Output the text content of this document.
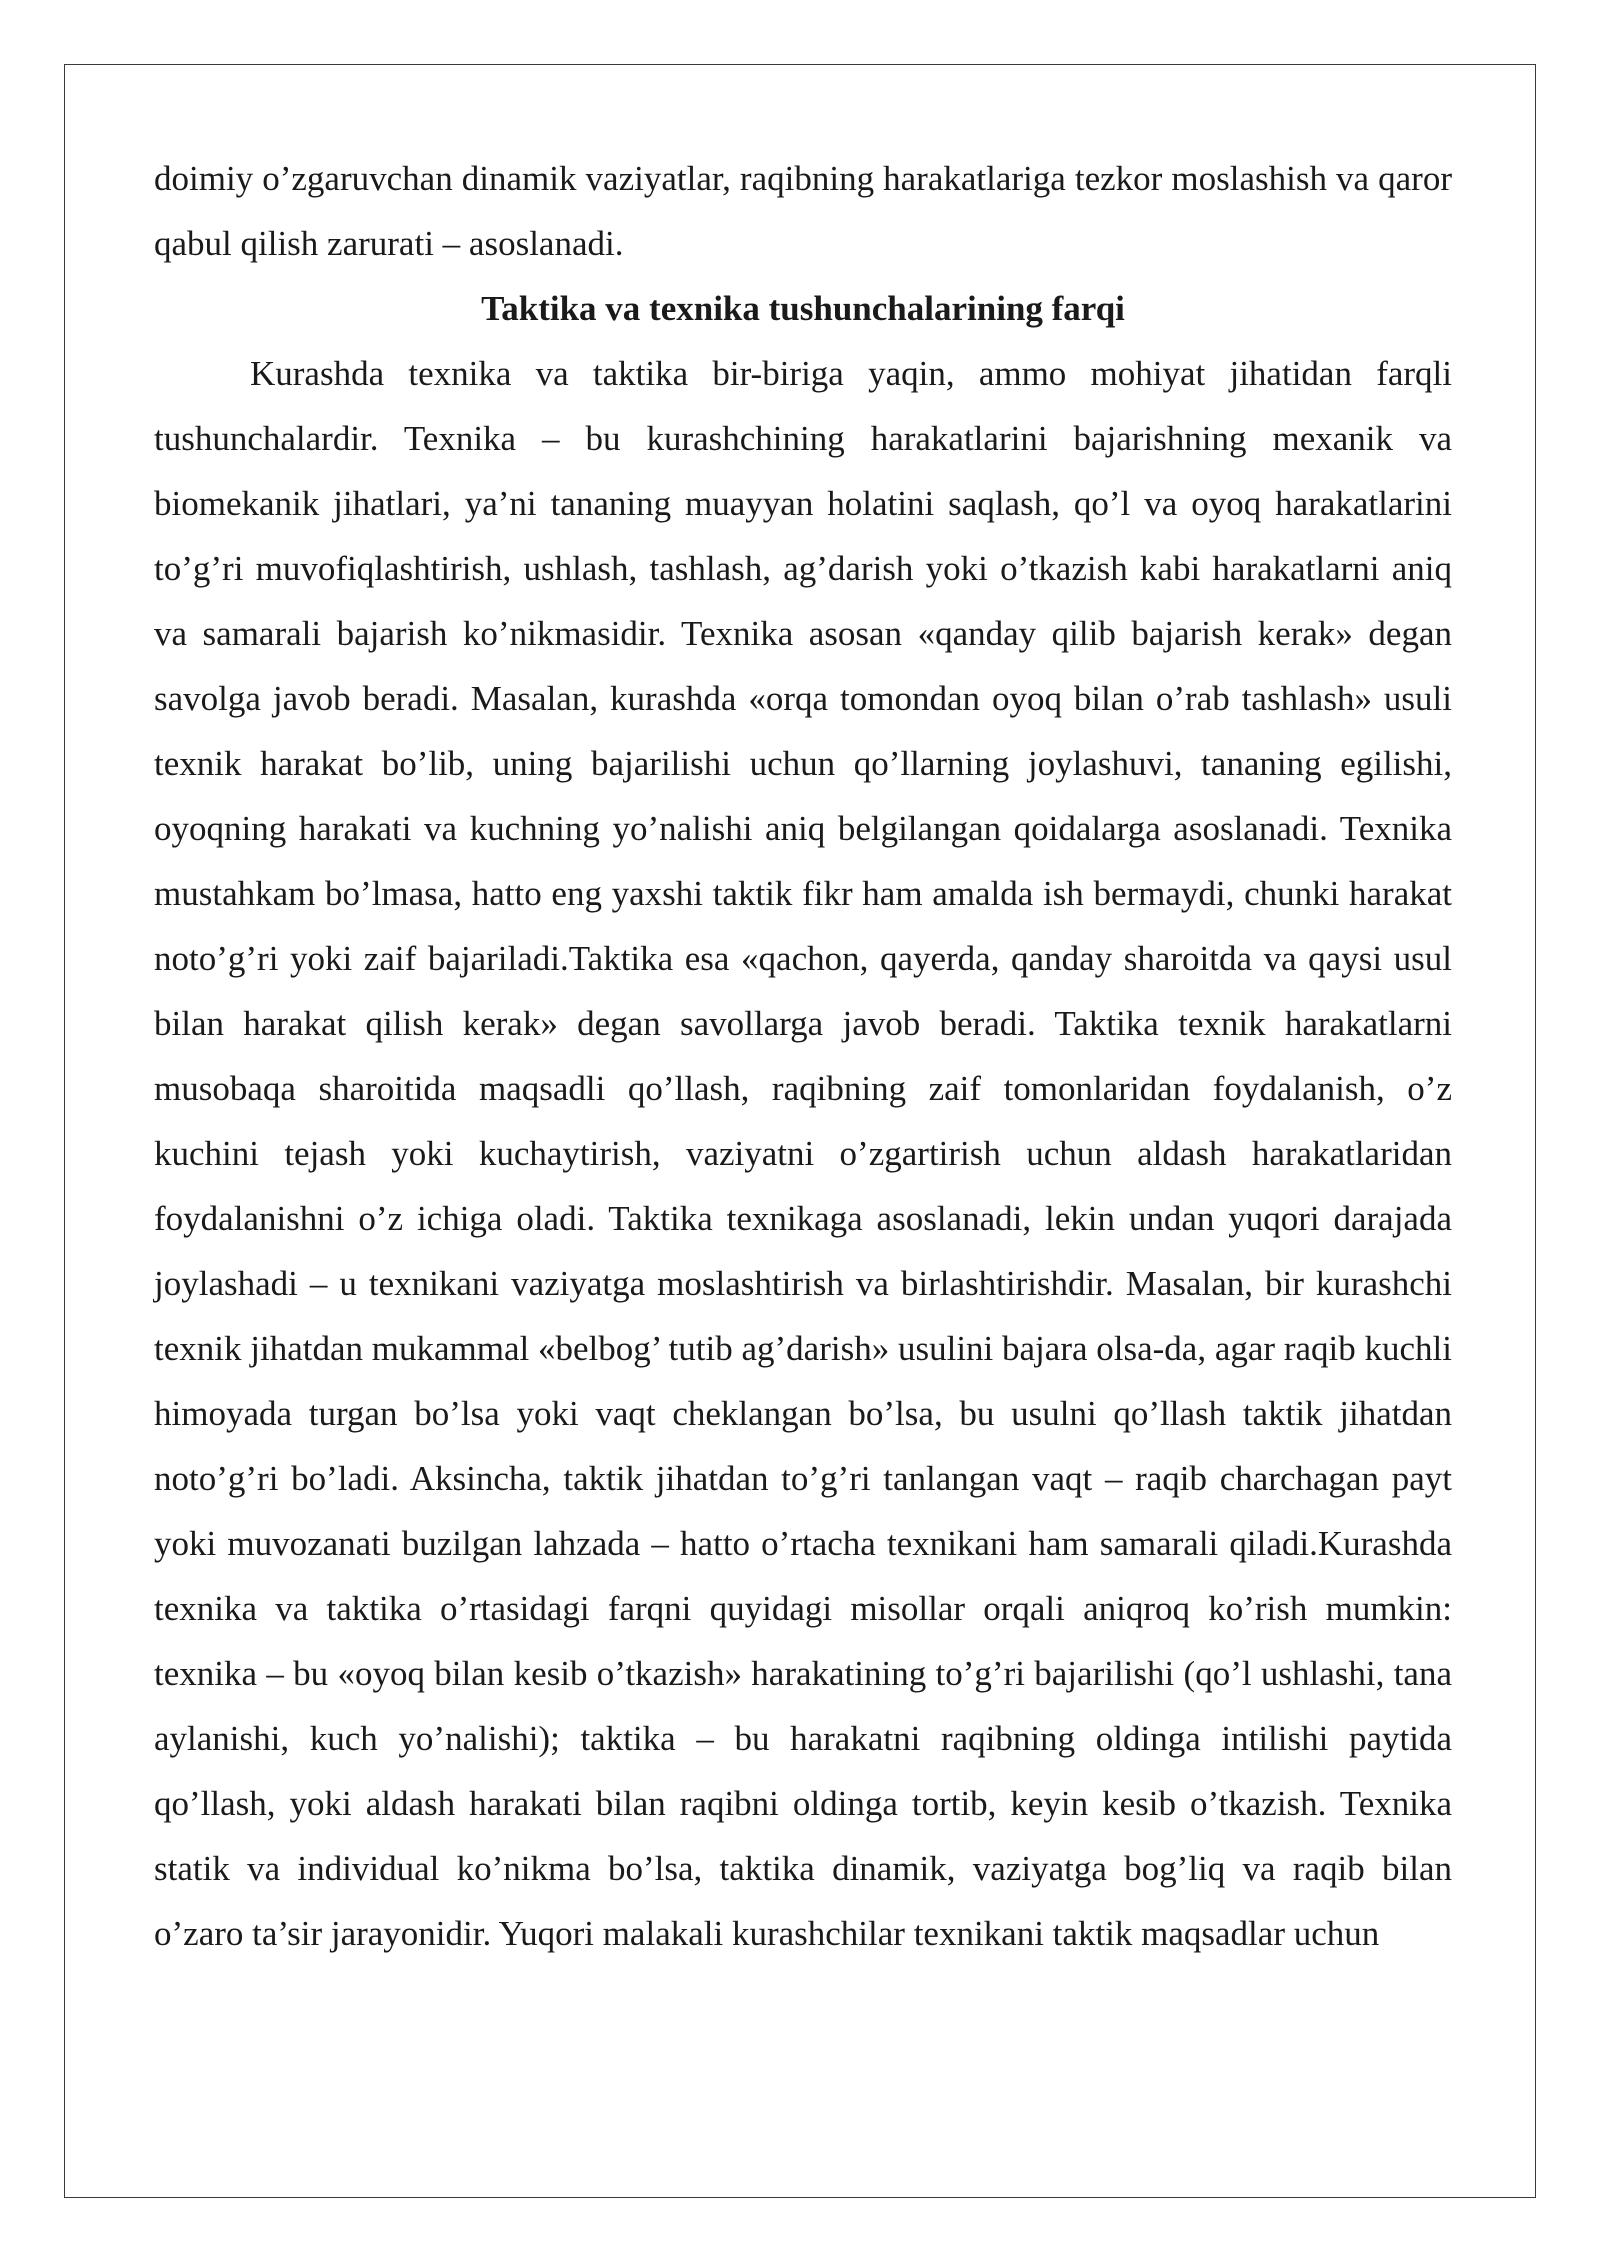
doimiy o’zgaruvchan dinamik vaziyatlar, raqibning harakatlariga tezkor moslashish va qaror qabul qilish zarurati – asoslanadi.

Taktika va texnika tushunchalarining farqi

Kurashda texnika va taktika bir-biriga yaqin, ammo mohiyat jihatidan farqli tushunchalardir. Texnika – bu kurashchining harakatlarini bajarishning mexanik va biomekanik jihatlari, ya’ni tananing muayyan holatini saqlash, qo’l va oyoq harakatlarini to’g’ri muvofiqlashtirish, ushlash, tashlash, ag’darish yoki o’tkazish kabi harakatlarni aniq va samarali bajarish ko’nikmasidir. Texnika asosan «qanday qilib bajarish kerak» degan savolga javob beradi. Masalan, kurashda «orqa tomondan oyoq bilan o’rab tashlash» usuli texnik harakat bo’lib, uning bajarilishi uchun qo’llarning joylashuvi, tananing egilishi, oyoqning harakati va kuchning yo’nalishi aniq belgilangan qoidalarga asoslanadi. Texnika mustahkam bo’lmasa, hatto eng yaxshi taktik fikr ham amalda ish bermaydi, chunki harakat noto’g’ri yoki zaif bajariladi.Taktika esa «qachon, qayerda, qanday sharoitda va qaysi usul bilan harakat qilish kerak» degan savollarga javob beradi. Taktika texnik harakatlarni musobaqa sharoitida maqsadli qo’llash, raqibning zaif tomonlaridan foydalanish, o’z kuchini tejash yoki kuchaytirish, vaziyatni o’zgartirish uchun aldash harakatlaridan foydalanishni o’z ichiga oladi. Taktika texnikaga asoslanadi, lekin undan yuqori darajada joylashadi – u texnikani vaziyatga moslashtirish va birlashtirishdir. Masalan, bir kurashchi texnik jihatdan mukammal «belbog’ tutib ag’darish» usulini bajara olsa-da, agar raqib kuchli himoyada turgan bo’lsa yoki vaqt cheklangan bo’lsa, bu usulni qo’llash taktik jihatdan noto’g’ri bo’ladi. Aksincha, taktik jihatdan to’g’ri tanlangan vaqt – raqib charchagan payt yoki muvozanati buzilgan lahzada – hatto o’rtacha texnikani ham samarali qiladi.Kurashda texnika va taktika o’rtasidagi farqni quyidagi misollar orqali aniqroq ko’rish mumkin: texnika – bu «oyoq bilan kesib o’tkazish» harakatining to’g’ri bajarilishi (qo’l ushlashi, tana aylanishi, kuch yo’nalishi); taktika – bu harakatni raqibning oldinga intilishi paytida qo’llash, yoki aldash harakati bilan raqibni oldinga tortib, keyin kesib o’tkazish. Texnika statik va individual ko’nikma bo’lsa, taktika dinamik, vaziyatga bog’liq va raqib bilan o’zaro ta’sir jarayonidir. Yuqori malakali kurashchilar texnikani taktik maqsadlar uchun
